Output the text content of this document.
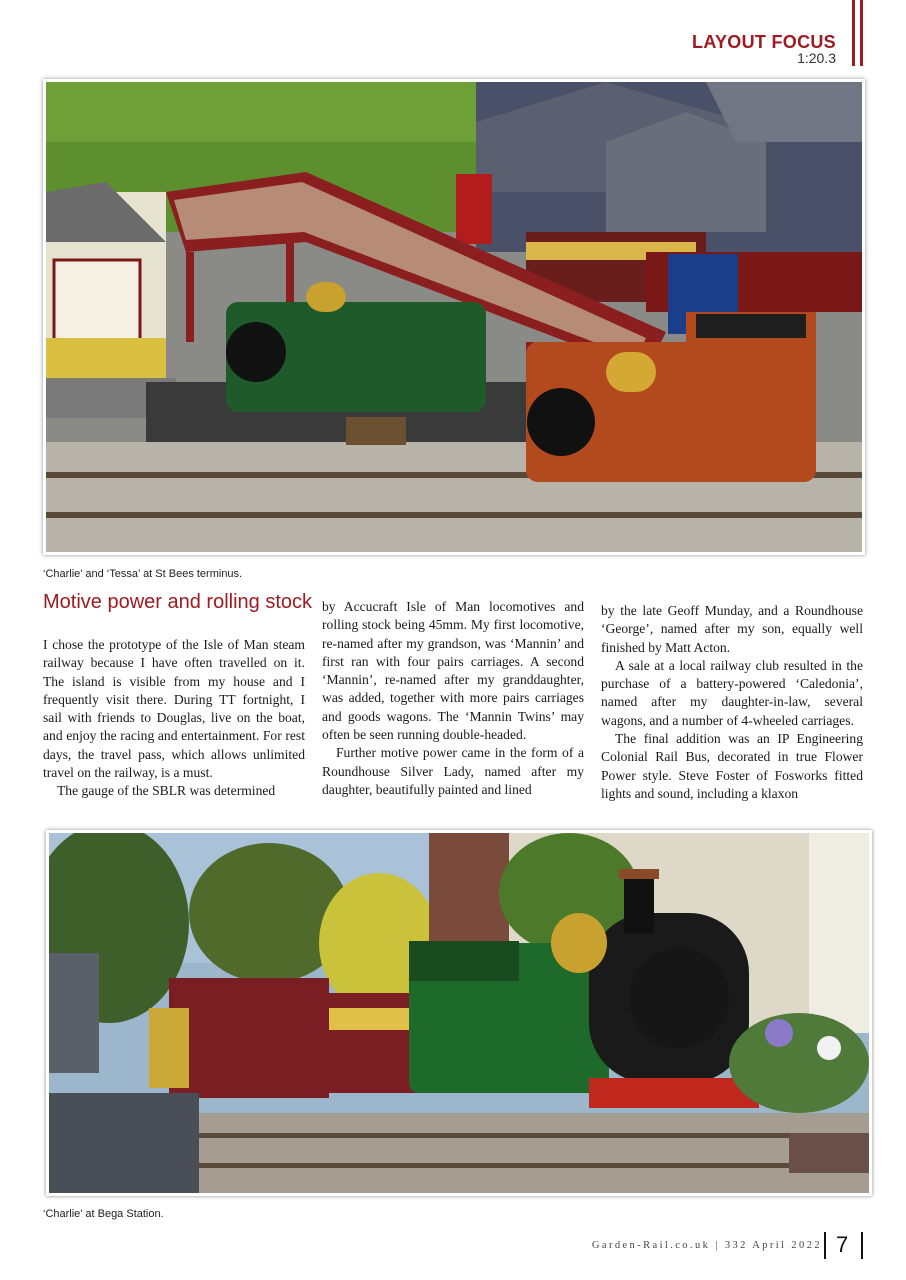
LAYOUT FOCUS
1:20.3
‘Charlie’ and ‘Tessa’ at St Bees terminus.
Motive power and rolling stock

I chose the prototype of the Isle of Man steam railway because I have often travelled on it. The island is visible from my house and I frequently visit there. During TT fortnight, I sail with friends to Douglas, live on the boat, and enjoy the racing and entertainment. For rest days, the travel pass, which allows unlimited travel on the railway, is a must.

The gauge of the SBLR was determined

by Accucraft Isle of Man locomotives and rolling stock being 45mm. My first locomotive, re-named after my grandson, was ‘Mannin’ and first ran with four pairs carriages. A second ‘Mannin’, re-named after my granddaughter, was added, together with more pairs carriages and goods wagons. The ‘Mannin Twins’ may often be seen running double-headed.

Further motive power came in the form of a Roundhouse Silver Lady, named after my daughter, beautifully painted and lined

by the late Geoff Munday, and a Roundhouse ‘George’, named after my son, equally well finished by Matt Acton.

A sale at a local railway club resulted in the purchase of a battery-powered ‘Caledonia’, named after my daughter-in-law, several wagons, and a number of 4-wheeled carriages.

The final addition was an IP Engineering Colonial Rail Bus, decorated in true Flower Power style. Steve Foster of Fosworks fitted lights and sound, including a klaxon

‘Charlie’ at Bega Station.
Garden-Rail.co.uk | 332 April 2022 7
